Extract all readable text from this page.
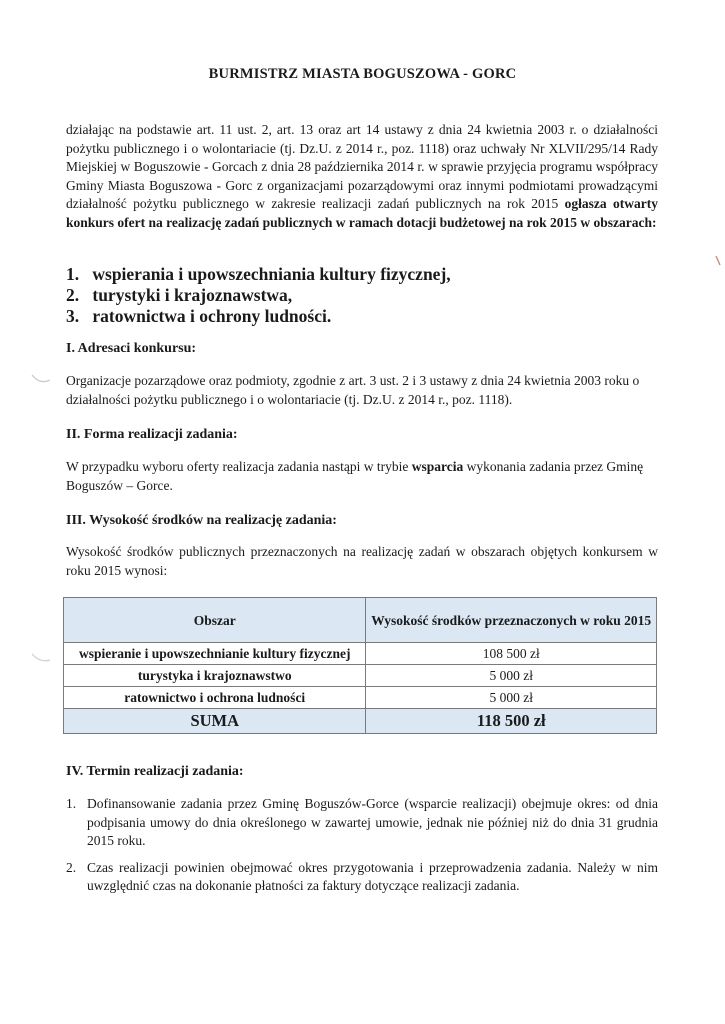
BURMISTRZ MIASTA BOGUSZOWA - GORC
działając na podstawie art. 11 ust. 2, art. 13 oraz art 14 ustawy z dnia 24 kwietnia 2003 r. o działalności pożytku publicznego i o wolontariacie (tj. Dz.U. z 2014 r., poz. 1118) oraz uchwały Nr XLVII/295/14 Rady Miejskiej w Boguszowie - Gorcach z dnia 28 października 2014 r. w sprawie przyjęcia programu współpracy Gminy Miasta Boguszowa - Gorc z organizacjami pozarządowymi oraz innymi podmiotami prowadzącymi działalność pożytku publicznego w zakresie realizacji zadań publicznych na rok 2015 ogłasza otwarty konkurs ofert na realizację zadań publicznych w ramach dotacji budżetowej na rok 2015 w obszarach:
1. wspierania i upowszechniania kultury fizycznej,
2. turystyki i krajoznawstwa,
3. ratownictwa i ochrony ludności.
I. Adresaci konkursu:
Organizacje pozarządowe oraz podmioty, zgodnie z art. 3 ust. 2 i 3 ustawy z dnia 24 kwietnia 2003 roku o działalności pożytku publicznego i o wolontariacie (tj. Dz.U. z 2014 r., poz. 1118).
II. Forma realizacji zadania:
W przypadku wyboru oferty realizacja zadania nastąpi w trybie wsparcia wykonania zadania przez Gminę Boguszów – Gorce.
III. Wysokość środków na realizację zadania:
Wysokość środków publicznych przeznaczonych na realizację zadań w obszarach objętych konkursem w roku 2015 wynosi:
Obszar	Wysokość środków przeznaczonych w roku 2015
wspieranie i upowszechnianie kultury fizycznej	108 500 zł
turystyka i krajoznawstwo	5 000 zł
ratownictwo i ochrona ludności	5 000 zł
SUMA	118 500 zł
IV. Termin realizacji zadania:
1. Dofinansowanie zadania przez Gminę Boguszów-Gorce (wsparcie realizacji) obejmuje okres: od dnia podpisania umowy do dnia określonego w zawartej umowie, jednak nie później niż do dnia 31 grudnia 2015 roku.
2. Czas realizacji powinien obejmować okres przygotowania i przeprowadzenia zadania. Należy w nim uwzględnić czas na dokonanie płatności za faktury dotyczące realizacji zadania.
